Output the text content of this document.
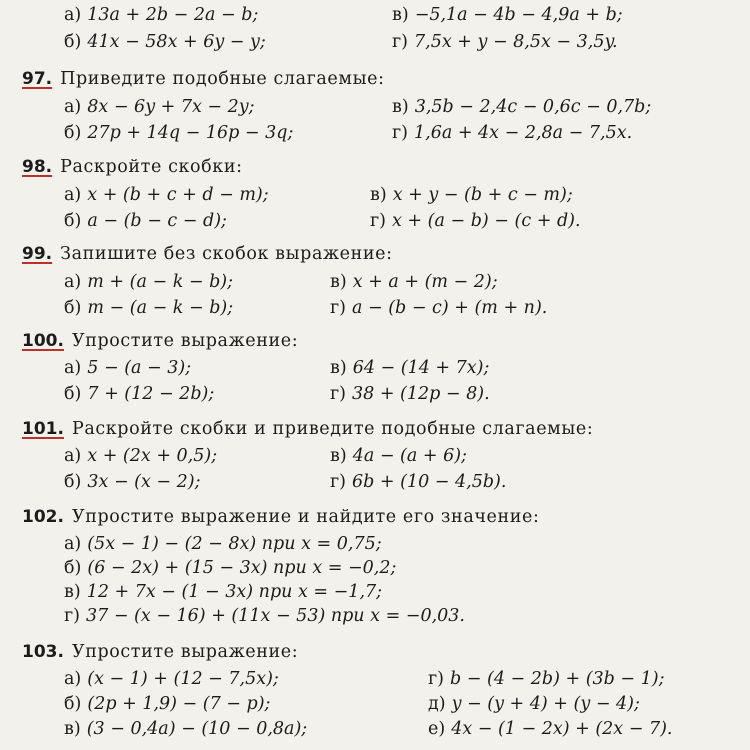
а) 13a + 2b − 2a − b;	в) −5,1a − 4b − 4,9a + b;
б) 41x − 58x + 6y − y;	г) 7,5x + y − 8,5x − 3,5y.
97. Приведите подобные слагаемые:
а) 8x − 6y + 7x − 2y;	в) 3,5b − 2,4c − 0,6c − 0,7b;
б) 27p + 14q − 16p − 3q;	г) 1,6a + 4x − 2,8a − 7,5x.
98. Раскройте скобки:
а) x + (b + c + d − m);	в) x + y − (b + c − m);
б) a − (b − c − d);	г) x + (a − b) − (c + d).
99. Запишите без скобок выражение:
а) m + (a − k − b);	в) x + a + (m − 2);
б) m − (a − k − b);	г) a − (b − c) + (m + n).
100. Упростите выражение:
а) 5 − (a − 3);	в) 64 − (14 + 7x);
б) 7 + (12 − 2b);	г) 38 + (12p − 8).
101. Раскройте скобки и приведите подобные слагаемые:
а) x + (2x + 0,5);	в) 4a − (a + 6);
б) 3x − (x − 2);	г) 6b + (10 − 4,5b).
102. Упростите выражение и найдите его значение:
а) (5x − 1) − (2 − 8x) при x = 0,75;
б) (6 − 2x) + (15 − 3x) при x = −0,2;
в) 12 + 7x − (1 − 3x) при x = −1,7;
г) 37 − (x − 16) + (11x − 53) при x = −0,03.
103. Упростите выражение:
а) (x − 1) + (12 − 7,5x);	г) b − (4 − 2b) + (3b − 1);
б) (2p + 1,9) − (7 − p);	д) y − (y + 4) + (y − 4);
в) (3 − 0,4a) − (10 − 0,8a);	е) 4x − (1 − 2x) + (2x − 7).
